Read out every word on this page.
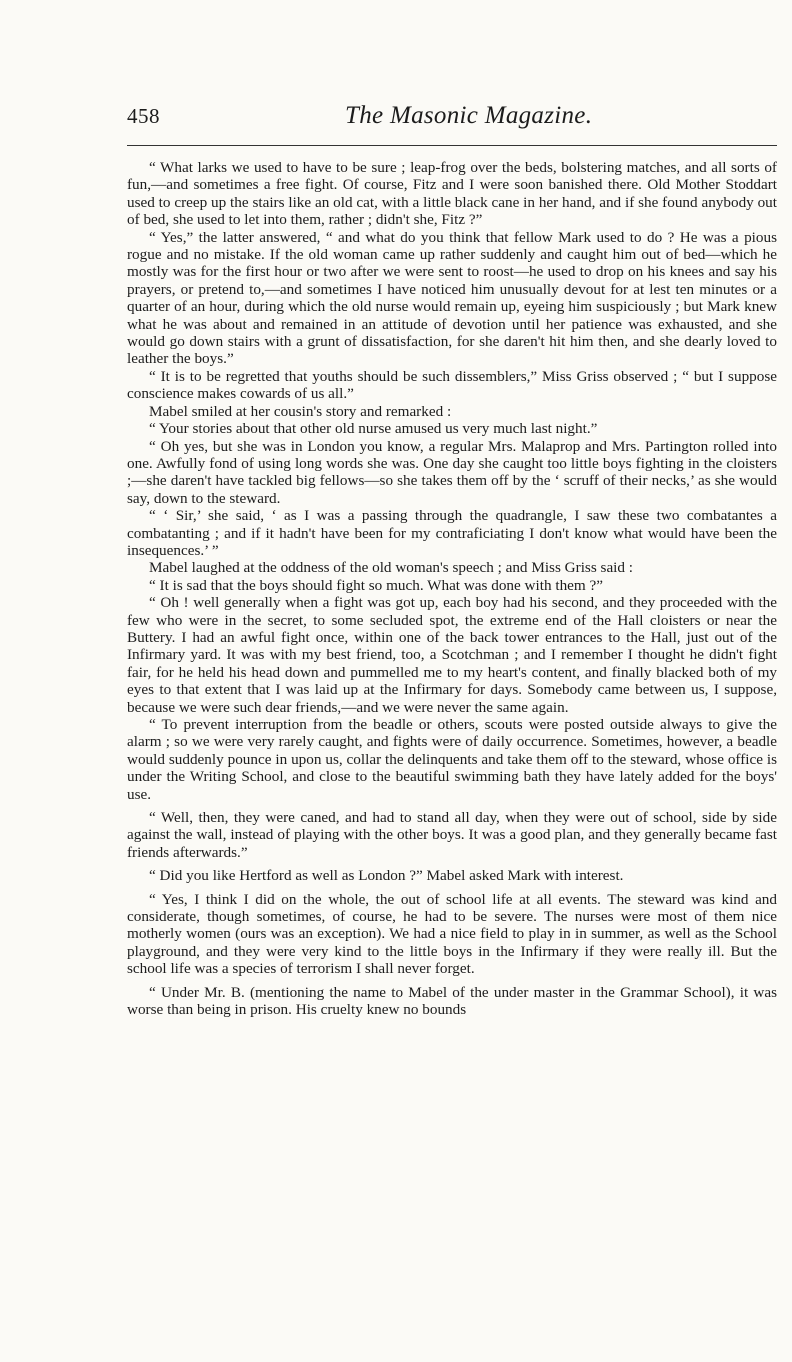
458	The Masonic Magazine.

“ What larks we used to have to be sure ; leap-frog over the beds, bolstering matches, and all sorts of fun,—and sometimes a free fight. Of course, Fitz and I were soon banished there. Old Mother Stoddart used to creep up the stairs like an old cat, with a little black cane in her hand, and if she found anybody out of bed, she used to let into them, rather ; didn't she, Fitz ?”

“ Yes,” the latter answered, “ and what do you think that fellow Mark used to do ? He was a pious rogue and no mistake. If the old woman came up rather suddenly and caught him out of bed—which he mostly was for the first hour or two after we were sent to roost—he used to drop on his knees and say his prayers, or pretend to,—and sometimes I have noticed him unusually devout for at lest ten minutes or a quarter of an hour, during which the old nurse would remain up, eyeing him suspiciously ; but Mark knew what he was about and remained in an attitude of devotion until her patience was exhausted, and she would go down stairs with a grunt of dissatisfaction, for she daren't hit him then, and she dearly loved to leather the boys.”

“ It is to be regretted that youths should be such dissemblers,” Miss Griss observed ; “ but I suppose conscience makes cowards of us all.”

Mabel smiled at her cousin's story and remarked :

“ Your stories about that other old nurse amused us very much last night.”

“ Oh yes, but she was in London you know, a regular Mrs. Malaprop and Mrs. Partington rolled into one. Awfully fond of using long words she was. One day she caught too little boys fighting in the cloisters ;—she daren't have tackled big fellows—so she takes them off by the ‘ scruff of their necks,’ as she would say, down to the steward.

“ ‘ Sir,’ she said, ‘ as I was a passing through the quadrangle, I saw these two combatantes a combatanting ; and if it hadn't have been for my contraficiating I don't know what would have been the insequences.’ ”

Mabel laughed at the oddness of the old woman's speech ; and Miss Griss said :

“ It is sad that the boys should fight so much. What was done with them ?”

“ Oh ! well generally when a fight was got up, each boy had his second, and they proceeded with the few who were in the secret, to some secluded spot, the extreme end of the Hall cloisters or near the Buttery. I had an awful fight once, within one of the back tower entrances to the Hall, just out of the Infirmary yard. It was with my best friend, too, a Scotchman ; and I remember I thought he didn't fight fair, for he held his head down and pummelled me to my heart's content, and finally blacked both of my eyes to that extent that I was laid up at the Infirmary for days. Somebody came between us, I suppose, because we were such dear friends,—and we were never the same again.

“ To prevent interruption from the beadle or others, scouts were posted outside always to give the alarm ; so we were very rarely caught, and fights were of daily occurrence. Sometimes, however, a beadle would suddenly pounce in upon us, collar the delinquents and take them off to the steward, whose office is under the Writing School, and close to the beautiful swimming bath they have lately added for the boys' use.

“ Well, then, they were caned, and had to stand all day, when they were out of school, side by side against the wall, instead of playing with the other boys. It was a good plan, and they generally became fast friends afterwards.”

“ Did you like Hertford as well as London ?” Mabel asked Mark with interest.

“ Yes, I think I did on the whole, the out of school life at all events. The steward was kind and considerate, though sometimes, of course, he had to be severe. The nurses were most of them nice motherly women (ours was an exception). We had a nice field to play in in summer, as well as the School playground, and they were very kind to the little boys in the Infirmary if they were really ill. But the school life was a species of terrorism I shall never forget.

“ Under Mr. B. (mentioning the name to Mabel of the under master in the Grammar School), it was worse than being in prison. His cruelty knew no bounds
